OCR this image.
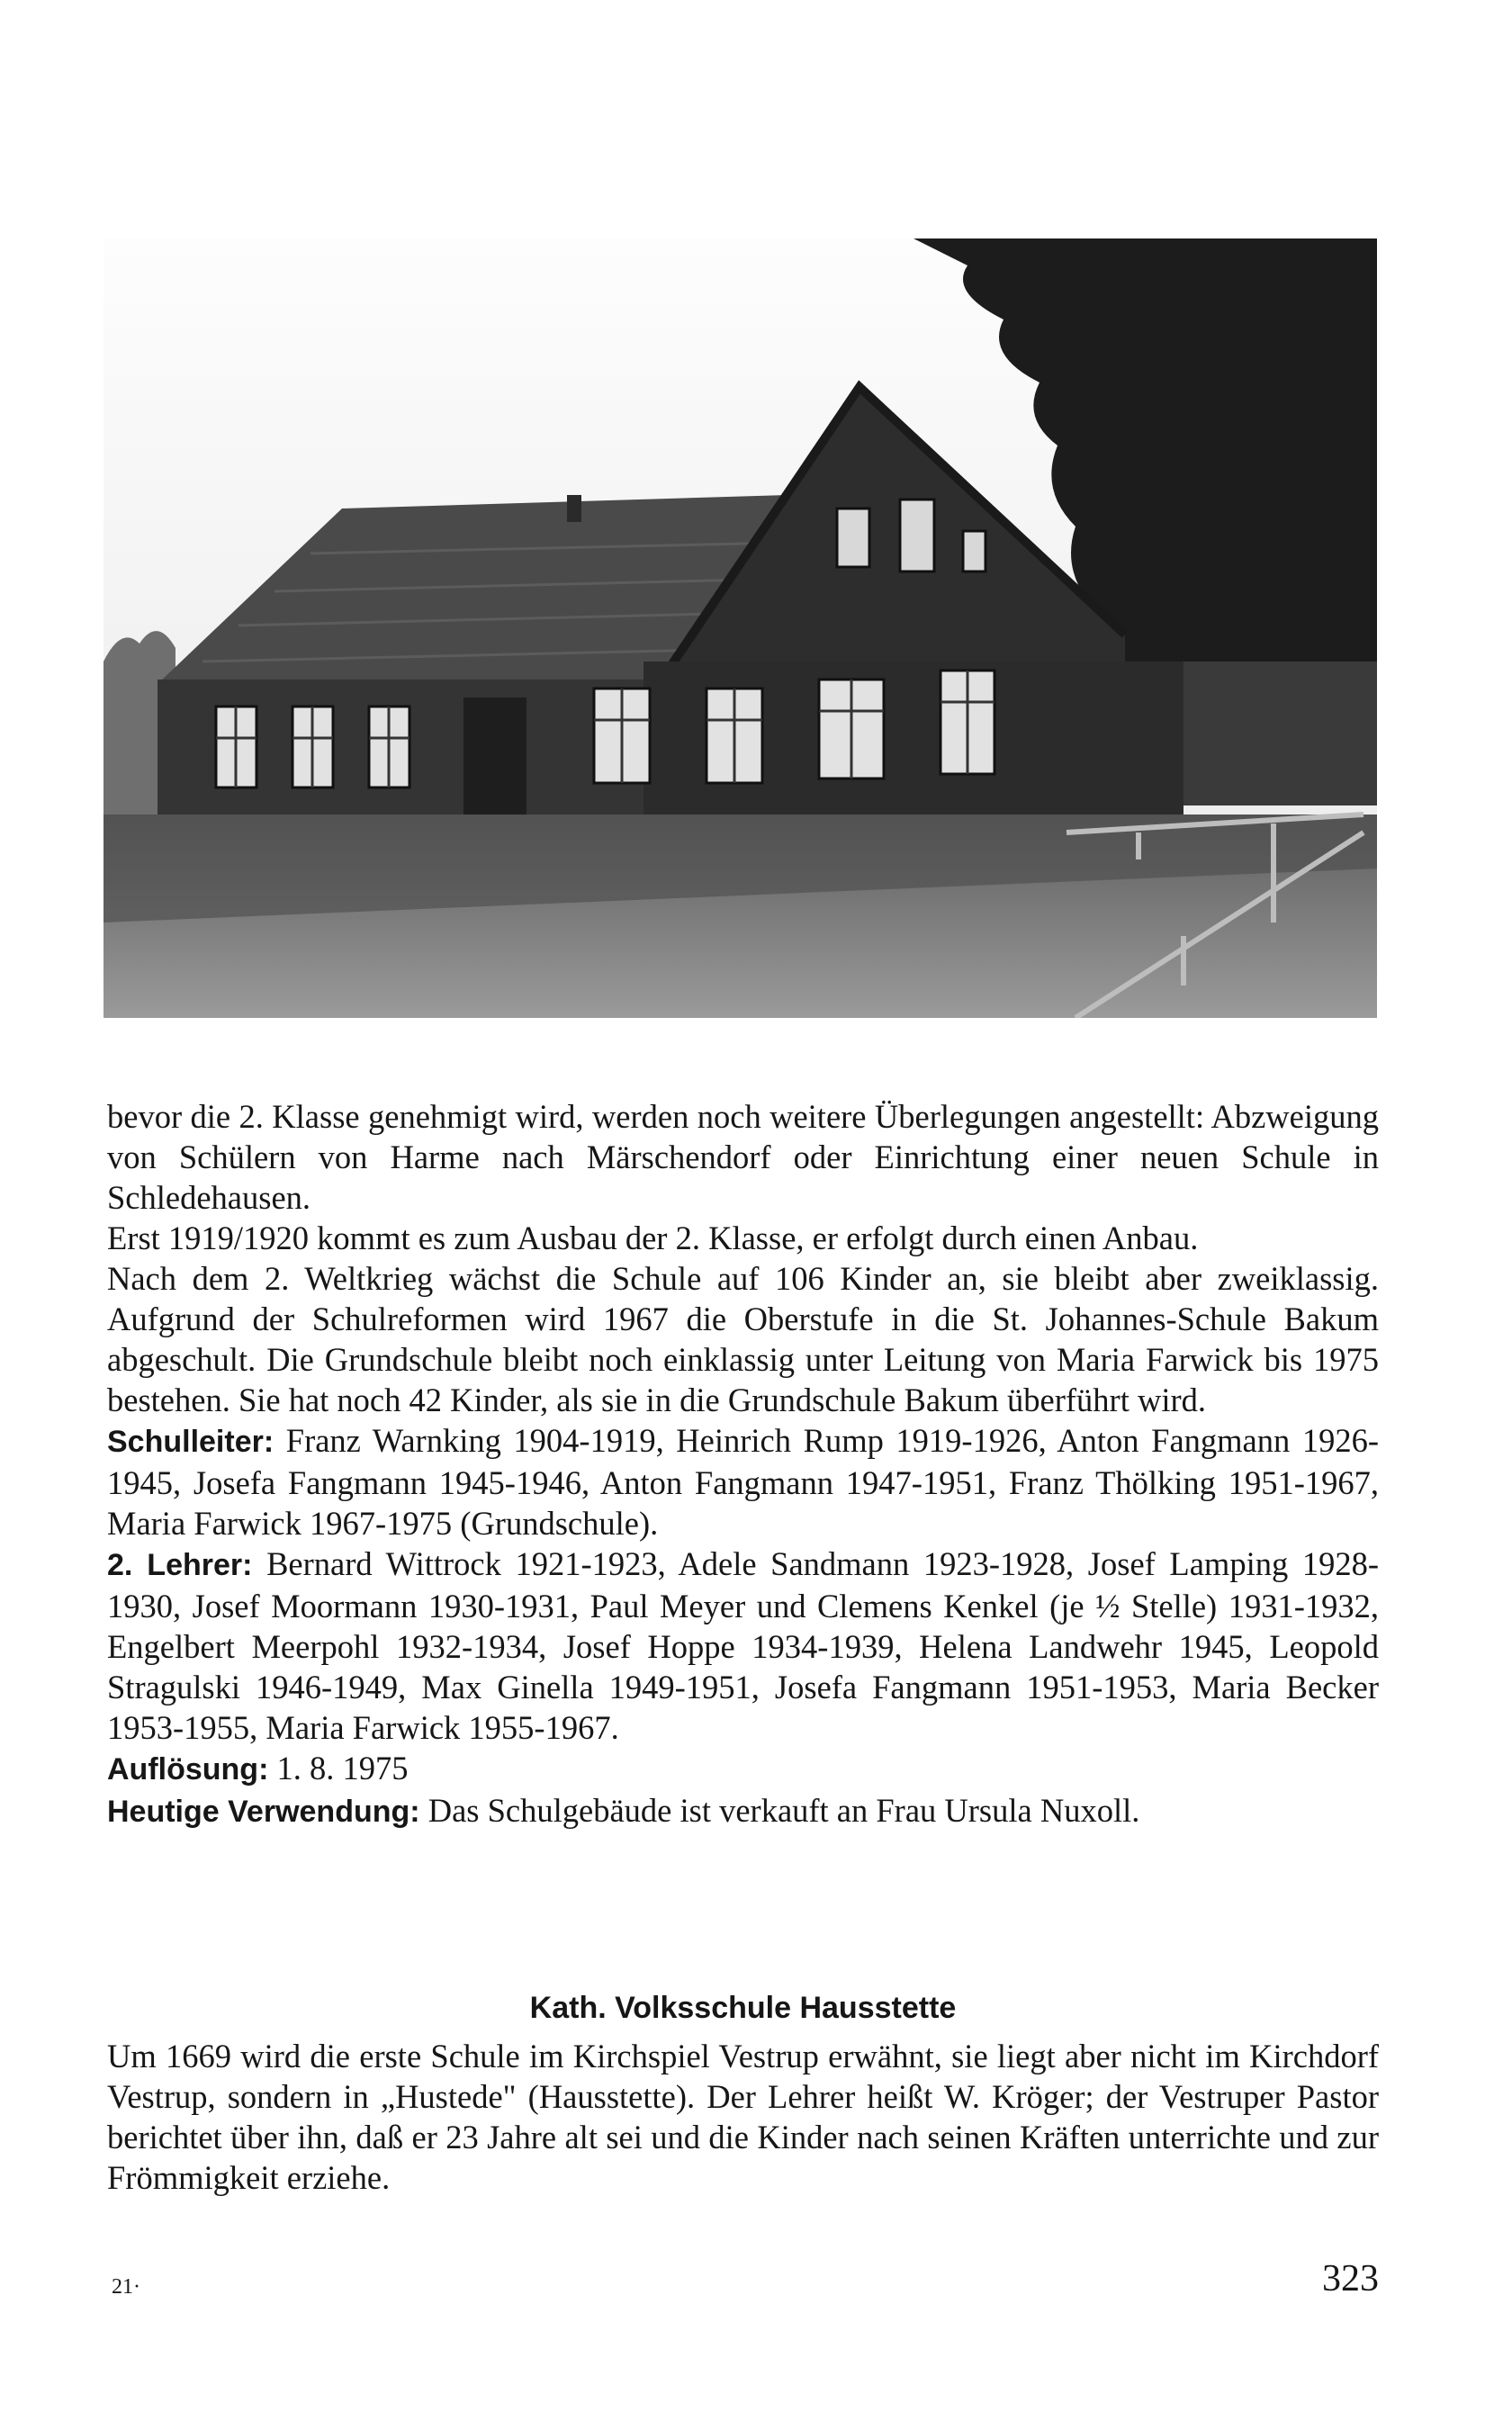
bevor die 2. Klasse genehmigt wird, werden noch weitere Überlegungen angestellt: Abzweigung von Schülern von Harme nach Märschendorf oder Einrichtung einer neuen Schule in Schledehausen.

Erst 1919/1920 kommt es zum Ausbau der 2. Klasse, er erfolgt durch einen Anbau.

Nach dem 2. Weltkrieg wächst die Schule auf 106 Kinder an, sie bleibt aber zweiklassig. Aufgrund der Schulreformen wird 1967 die Oberstufe in die St. Johannes-Schule Bakum abgeschult. Die Grundschule bleibt noch einklassig unter Leitung von Maria Farwick bis 1975 bestehen. Sie hat noch 42 Kinder, als sie in die Grundschule Bakum überführt wird.

Schulleiter: Franz Warnking 1904-1919, Heinrich Rump 1919-1926, Anton Fangmann 1926-1945, Josefa Fangmann 1945-1946, Anton Fangmann 1947-1951, Franz Thölking 1951-1967, Maria Farwick 1967-1975 (Grundschule).

2. Lehrer: Bernard Wittrock 1921-1923, Adele Sandmann 1923-1928, Josef Lamping 1928-1930, Josef Moormann 1930-1931, Paul Meyer und Clemens Kenkel (je ½ Stelle) 1931-1932, Engelbert Meerpohl 1932-1934, Josef Hoppe 1934-1939, Helena Landwehr 1945, Leopold Stragulski 1946-1949, Max Ginella 1949-1951, Josefa Fangmann 1951-1953, Maria Becker 1953-1955, Maria Farwick 1955-1967.

Auflösung: 1. 8. 1975

Heutige Verwendung: Das Schulgebäude ist verkauft an Frau Ursula Nuxoll.

Kath. Volksschule Hausstette

Um 1669 wird die erste Schule im Kirchspiel Vestrup erwähnt, sie liegt aber nicht im Kirchdorf Vestrup, sondern in „Hustede" (Hausstette). Der Lehrer heißt W. Kröger; der Vestruper Pastor berichtet über ihn, daß er 23 Jahre alt sei und die Kinder nach seinen Kräften unterrichte und zur Frömmigkeit erziehe.

21·	323
